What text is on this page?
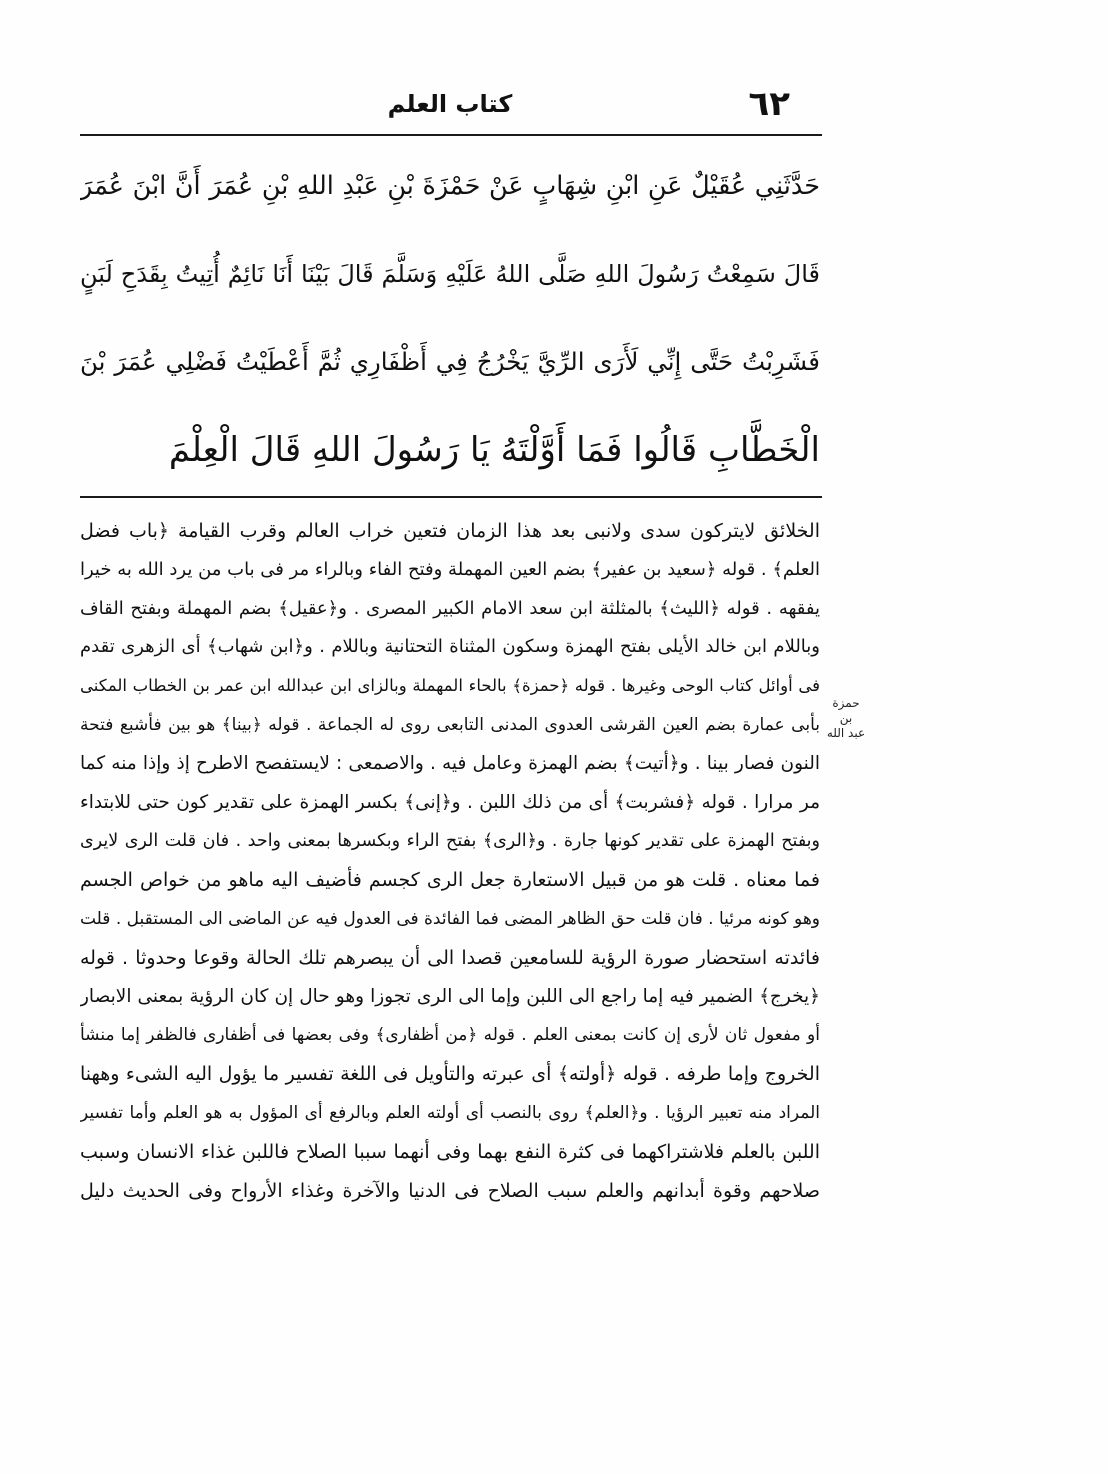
٦٢
كتاب العلم
حَدَّثَنِي عُقَيْلٌ عَنِ ابْنِ شِهَابٍ عَنْ حَمْزَةَ بْنِ عَبْدِ اللهِ بْنِ عُمَرَ أَنَّ ابْنَ عُمَرَ
قَالَ سَمِعْتُ رَسُولَ اللهِ صَلَّى اللهُ عَلَيْهِ وَسَلَّمَ قَالَ بَيْنَا أَنَا نَائِمٌ أُتِيتُ بِقَدَحِ لَبَنٍ
فَشَرِبْتُ حَتَّى إِنِّي لَأَرَى الرِّيَّ يَخْرُجُ فِي أَظْفَارِي ثُمَّ أَعْطَيْتُ فَضْلِي عُمَرَ بْنَ
الْخَطَّابِ قَالُوا فَمَا أَوَّلْتَهُ يَا رَسُولَ اللهِ قَالَ الْعِلْمَ
الخلائق لايتركون سدى ولانبى بعد هذا الزمان فتعين خراب العالم وقرب القيامة ﴿باب فضل
العلم﴾ . قوله ﴿سعيد بن عفير﴾ بضم العين المهملة وفتح الفاء وبالراء مر فى باب من يرد الله به خيرا
يفقهه . قوله ﴿الليث﴾ بالمثلثة ابن سعد الامام الكبير المصرى . و﴿عقيل﴾ بضم المهملة وبفتح القاف
وباللام ابن خالد الأيلى بفتح الهمزة وسكون المثناة التحتانية وباللام . و﴿ابن شهاب﴾ أى الزهرى تقدم
فى أوائل كتاب الوحى وغيرها . قوله ﴿حمزة﴾ بالحاء المهملة وبالزاى ابن عبدالله ابن عمر بن الخطاب المكنى
بأبى عمارة بضم العين القرشى العدوى المدنى التابعى روى له الجماعة . قوله ﴿بينا﴾ هو بين فأشبع فتحة
النون فصار بينا . و﴿أتيت﴾ بضم الهمزة وعامل فيه . والاصمعى : لايستفصح الاطرح إذ وإذا منه كما
مر مرارا . قوله ﴿فشربت﴾ أى من ذلك اللبن . و﴿إنى﴾ بكسر الهمزة على تقدير كون حتى للابتداء
وبفتح الهمزة على تقدير كونها جارة . و﴿الرى﴾ بفتح الراء وبكسرها بمعنى واحد . فان قلت الرى لايرى
فما معناه . قلت هو من قبيل الاستعارة جعل الرى كجسم فأضيف اليه ماهو من خواص الجسم
وهو كونه مرئيا . فان قلت حق الظاهر المضى فما الفائدة فى العدول فيه عن الماضى الى المستقبل . قلت
فائدته استحضار صورة الرؤية للسامعين قصدا الى أن يبصرهم تلك الحالة وقوعا وحدوثا . قوله
﴿يخرج﴾ الضمير فيه إما راجع الى اللبن وإما الى الرى تجوزا وهو حال إن كان الرؤية بمعنى الابصار
أو مفعول ثان لأرى إن كانت بمعنى العلم . قوله ﴿من أظفارى﴾ وفى بعضها فى أظفارى فالظفر إما منشأ
الخروج وإما طرفه . قوله ﴿أولته﴾ أى عبرته والتأويل فى اللغة تفسير ما يؤول اليه الشىء وههنا
المراد منه تعبير الرؤيا . و﴿العلم﴾ روى بالنصب أى أولته العلم وبالرفع أى المؤول به هو العلم وأما تفسير
اللبن بالعلم فلاشتراكهما فى كثرة النفع بهما وفى أنهما سببا الصلاح فاللبن غذاء الانسان وسبب
صلاحهم وقوة أبدانهم والعلم سبب الصلاح فى الدنيا والآخرة وغذاء الأرواح وفى الحديث دليل
حمزة بن
عبد الله
